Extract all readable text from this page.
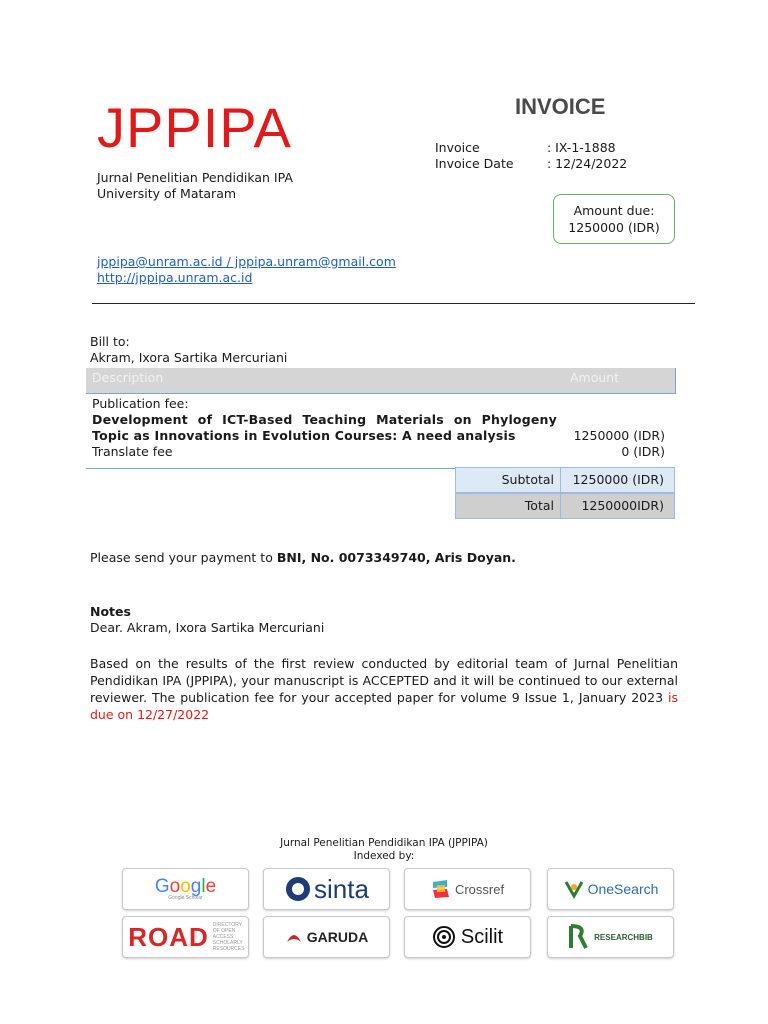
JPPIPA
Jurnal Penelitian Pendidikan IPA
University of Mataram
INVOICE
Invoice	: IX-1-1888
Invoice Date	: 12/24/2022
Amount due:
1250000 (IDR)
jppipa@unram.ac.id / jppipa.unram@gmail.com
http://jppipa.unram.ac.id
Bill to:
Akram, Ixora Sartika Mercuriani
Description	Amount
Publication fee:
Development of ICT-Based Teaching Materials on Phylogeny Topic as Innovations in Evolution Courses: A need analysis	1250000 (IDR)
Translate fee	0 (IDR)
Subtotal	1250000 (IDR)
Total	1250000IDR)
Please send your payment to BNI, No. 0073349740, Aris Doyan.
Notes
Dear. Akram, Ixora Sartika Mercuriani
Based on the results of the first review conducted by editorial team of Jurnal Penelitian Pendidikan IPA (JPPIPA), your manuscript is ACCEPTED and it will be continued to our external reviewer. The publication fee for your accepted paper for volume 9 Issue 1, January 2023 is due on 12/27/2022
Jurnal Penelitian Pendidikan IPA (JPPIPA)
Indexed by:
Google
Google Scholar	sinta	Crossref	OneSearch
ROAD DIRECTORY OF OPEN ACCESS SCHOLARLY RESOURCES
GARUDA	Scilit	RESEARCHBIB
